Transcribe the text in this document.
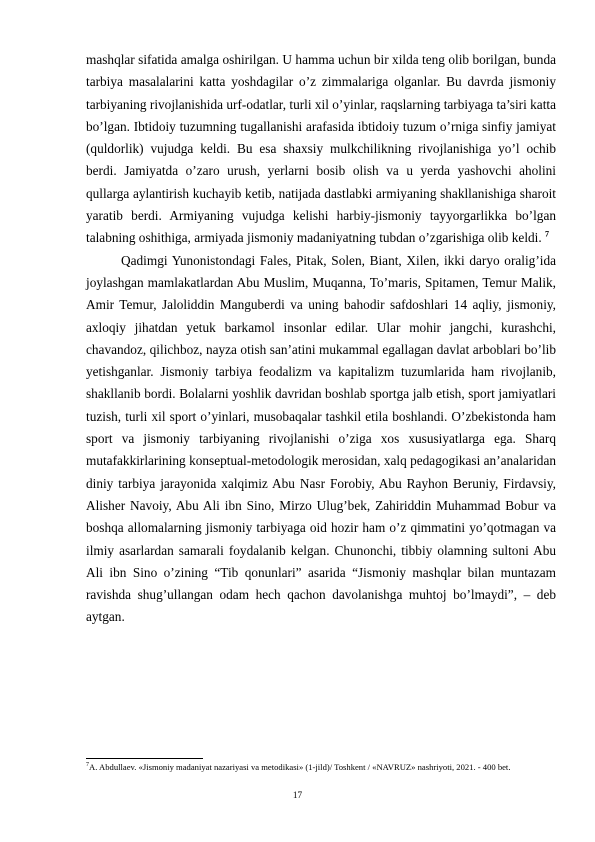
mashqlar sifatida amalga oshirilgan. U hamma uchun bir xilda teng olib borilgan, bunda tarbiya masalalarini katta yoshdagilar o’z zimmalariga olganlar. Bu davrda jismoniy tarbiyaning rivojlanishida urf-odatlar, turli xil o’yinlar, raqslarning tarbiyaga ta’siri katta bo’lgan. Ibtidoiy tuzumning tugallanishi arafasida ibtidoiy tuzum o’rniga sinfiy jamiyat (quldorlik) vujudga keldi. Bu esa shaxsiy mulkchilikning rivojlanishiga yo’l ochib berdi. Jamiyatda o’zaro urush, yerlarni bosib olish va u yerda yashovchi aholini qullarga aylantirish kuchayib ketib, natijada dastlabki armiyaning shakllanishiga sharoit yaratib berdi. Armiyaning vujudga kelishi harbiy-jismoniy tayyorgarlikka bo’lgan talabning oshithiga, armiyada jismoniy madaniyatning tubdan o’zgarishiga olib keldi. $^7$

Qadimgi Yunonistondagi Fales, Pitak, Solen, Biant, Xilen, ikki daryo oralig’ida joylashgan mamlakatlardan Abu Muslim, Muqanna, To’maris, Spitamen, Temur Malik, Amir Temur, Jaloliddin Manguberdi va uning bahodir safdoshlari 14 aqliy, jismoniy, axloqiy jihatdan yetuk barkamol insonlar edilar. Ular mohir jangchi, kurashchi, chavandoz, qilichboz, nayza otish san’atini mukammal egallagan davlat arboblari bo’lib yetishganlar. Jismoniy tarbiya feodalizm va kapitalizm tuzumlarida ham rivojlanib, shakllanib bordi. Bolalarni yoshlik davridan boshlab sportga jalb etish, sport jamiyatlari tuzish, turli xil sport o’yinlari, musobaqalar tashkil etila boshlandi. O’zbekistonda ham sport va jismoniy tarbiyaning rivojlanishi o’ziga xos xususiyatlarga ega. Sharq mutafakkirlarining konseptual-metodologik merosidan, xalq pedagogikasi an’analaridan diniy tarbiya jarayonida xalqimiz Abu Nasr Forobiy, Abu Rayhon Beruniy, Firdavsiy, Alisher Navoiy, Abu Ali ibn Sino, Mirzo Ulug’bek, Zahiriddin Muhammad Bobur va boshqa allomalarning jismoniy tarbiyaga oid hozir ham o’z qimmatini yo’qotmagan va ilmiy asarlardan samarali foydalanib kelgan. Chunonchi, tibbiy olamning sultoni Abu Ali ibn Sino o’zining “Tib qonunlari” asarida “Jismoniy mashqlar bilan muntazam ravishda shug’ullangan odam hech qachon davolanishga muhtoj bo’lmaydi”, – deb aytgan.

$^7$A. Abdullaev. «Jismoniy madaniyat nazariyasi va metodikasi» (1-jild)/ Toshkent / «NAVRUZ» nashriyoti, 2021. - 400 bet.
17
